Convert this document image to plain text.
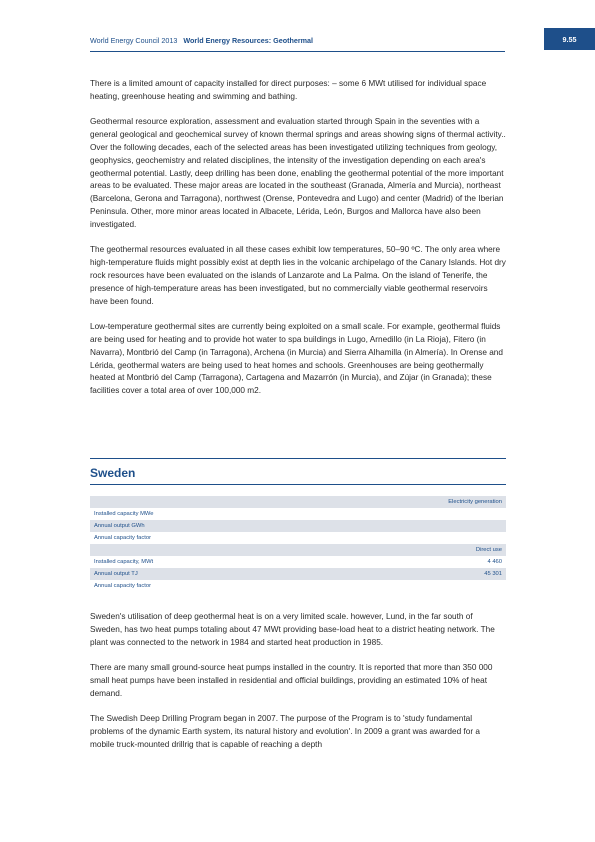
World Energy Council 2013 World Energy Resources: Geothermal	9.55

There is a limited amount of capacity installed for direct purposes: – some 6 MWt utilised for individual space heating, greenhouse heating and swimming and bathing.

Geothermal resource exploration, assessment and evaluation started through Spain in the seventies with a general geological and geochemical survey of known thermal springs and areas showing signs of thermal activity.. Over the following decades, each of the selected areas has been investigated utilizing techniques from geology, geophysics, geochemistry and related disciplines, the intensity of the investigation depending on each area's geothermal potential. Lastly, deep drilling has been done, enabling the geothermal potential of the more important areas to be evaluated. These major areas are located in the southeast (Granada, Almería and Murcia), northeast (Barcelona, Gerona and Tarragona), northwest (Orense, Pontevedra and Lugo) and center (Madrid) of the Iberian Peninsula. Other, more minor areas located in Albacete, Lérida, León, Burgos and Mallorca have also been investigated.

The geothermal resources evaluated in all these cases exhibit low temperatures, 50–90 ºC. The only area where high-temperature fluids might possibly exist at depth lies in the volcanic archipelago of the Canary Islands. Hot dry rock resources have been evaluated on the islands of Lanzarote and La Palma. On the island of Tenerife, the presence of high-temperature areas has been investigated, but no commercially viable geothermal reservoirs have been found.

Low-temperature geothermal sites are currently being exploited on a small scale. For example, geothermal fluids are being used for heating and to provide hot water to spa buildings in Lugo, Arnedillo (in La Rioja), Fitero (in Navarra), Montbrió del Camp (in Tarragona), Archena (in Murcia) and Sierra Alhamilla (in Almería). In Orense and Lérida, geothermal waters are being used to heat homes and schools. Greenhouses are being geothermally heated at Montbrió del Camp (Tarragona), Cartagena and Mazarrón (in Murcia), and Zújar (in Granada); these facilities cover a total area of over 100,000 m2.

Sweden
	Electricity generation
Installed capacity MWe	
Annual output GWh	
Annual capacity factor	
	Direct use
Installed capacity, MWt	4 460
Annual output TJ	45 301
Annual capacity factor	

Sweden's utilisation of deep geothermal heat is on a very limited scale. however, Lund, in the far south of Sweden, has two heat pumps totaling about 47 MWt providing base-load heat to a district heating network. The plant was connected to the network in 1984 and started heat production in 1985.

There are many small ground-source heat pumps installed in the country. It is reported that more than 350 000 small heat pumps have been installed in residential and official buildings, providing an estimated 10% of heat demand.

The Swedish Deep Drilling Program began in 2007. The purpose of the Program is to 'study fundamental problems of the dynamic Earth system, its natural history and evolution'. In 2009 a grant was awarded for a mobile truck-mounted drillrig that is capable of reaching a depth
